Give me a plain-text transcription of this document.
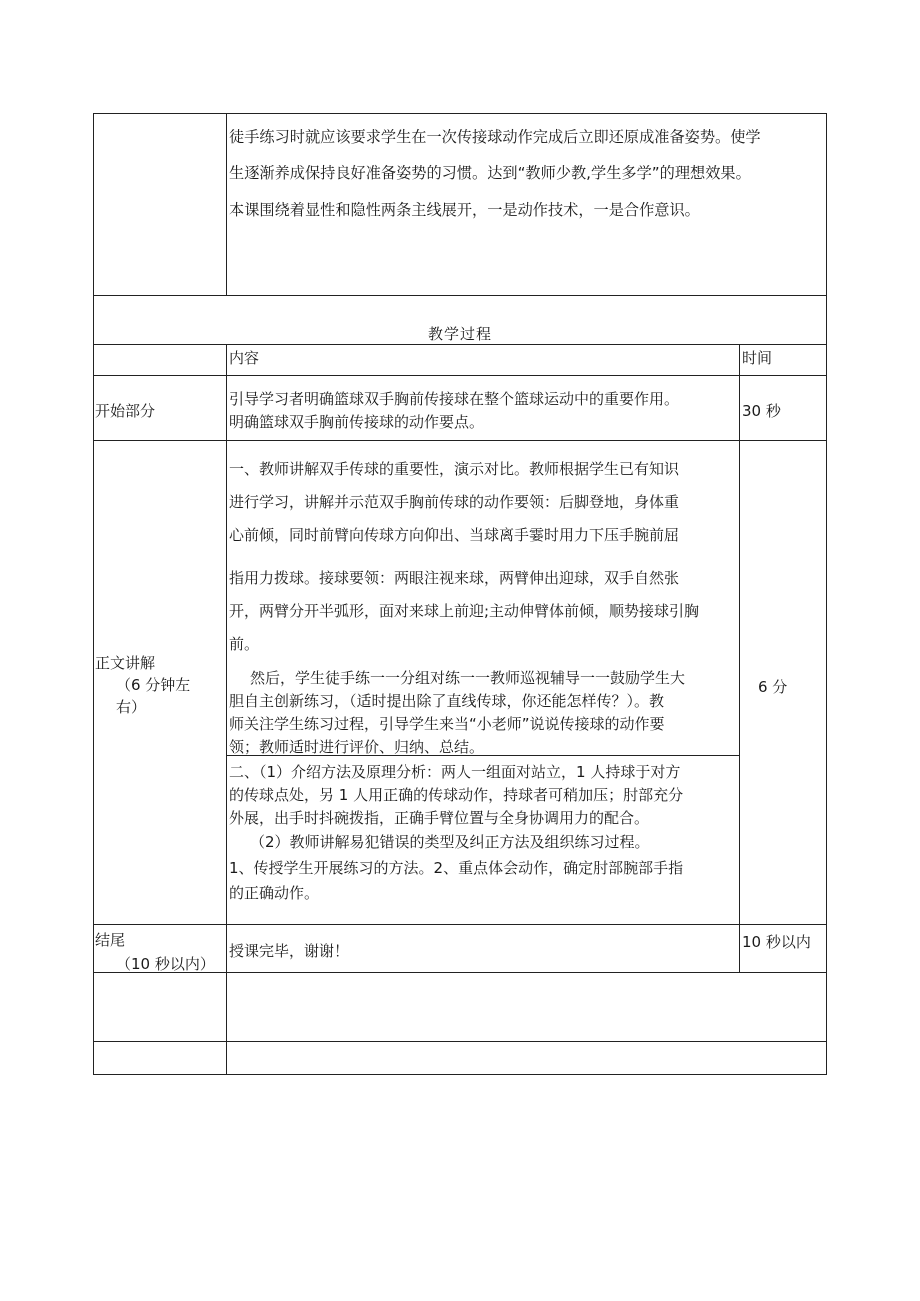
徒手练习时就应该要求学生在一次传接球动作完成后立即还原成准备姿势。使学
生逐渐养成保持良好准备姿势的习惯。达到“教师少教,学生多学”的理想效果。
本课围绕着显性和隐性两条主线展开，一是动作技术，一是合作意识。
教学过程
内容	时间
开始部分
引导学习者明确篮球双手胸前传接球在整个篮球运动中的重要作用。
明确篮球双手胸前传接球的动作要点。
30 秒
正文讲解
（6 分钟左
右）
6 分
一、教师讲解双手传球的重要性，演示对比。教师根据学生已有知识
进行学习，讲解并示范双手胸前传球的动作要领：后脚登地，身体重
心前倾，同时前臂向传球方向仰出、当球离手霎时用力下压手腕前屈
指用力拨球。接球要领：两眼注视来球，两臂伸出迎球，双手自然张
开，两臂分开半弧形，面对来球上前迎;主动伸臂体前倾，顺势接球引胸
前。
然后，学生徒手练一一分组对练一一教师巡视辅导一一鼓励学生大
胆自主创新练习，（适时提出除了直线传球，你还能怎样传？）。教
师关注学生练习过程，引导学生来当“小老师”说说传接球的动作要
领；教师适时进行评价、归纳、总结。
二、（1）介绍方法及原理分析：两人一组面对站立，1 人持球于对方
的传球点处，另 1 人用正确的传球动作，持球者可稍加压；肘部充分
外展，出手时抖碗拨指，正确手臂位置与全身协调用力的配合。
（2）教师讲解易犯错误的类型及纠正方法及组织练习过程。
1、传授学生开展练习的方法。2、重点体会动作，确定肘部腕部手指
的正确动作。
结尾
（10 秒以内）
授课完毕，谢谢！	10 秒以内
